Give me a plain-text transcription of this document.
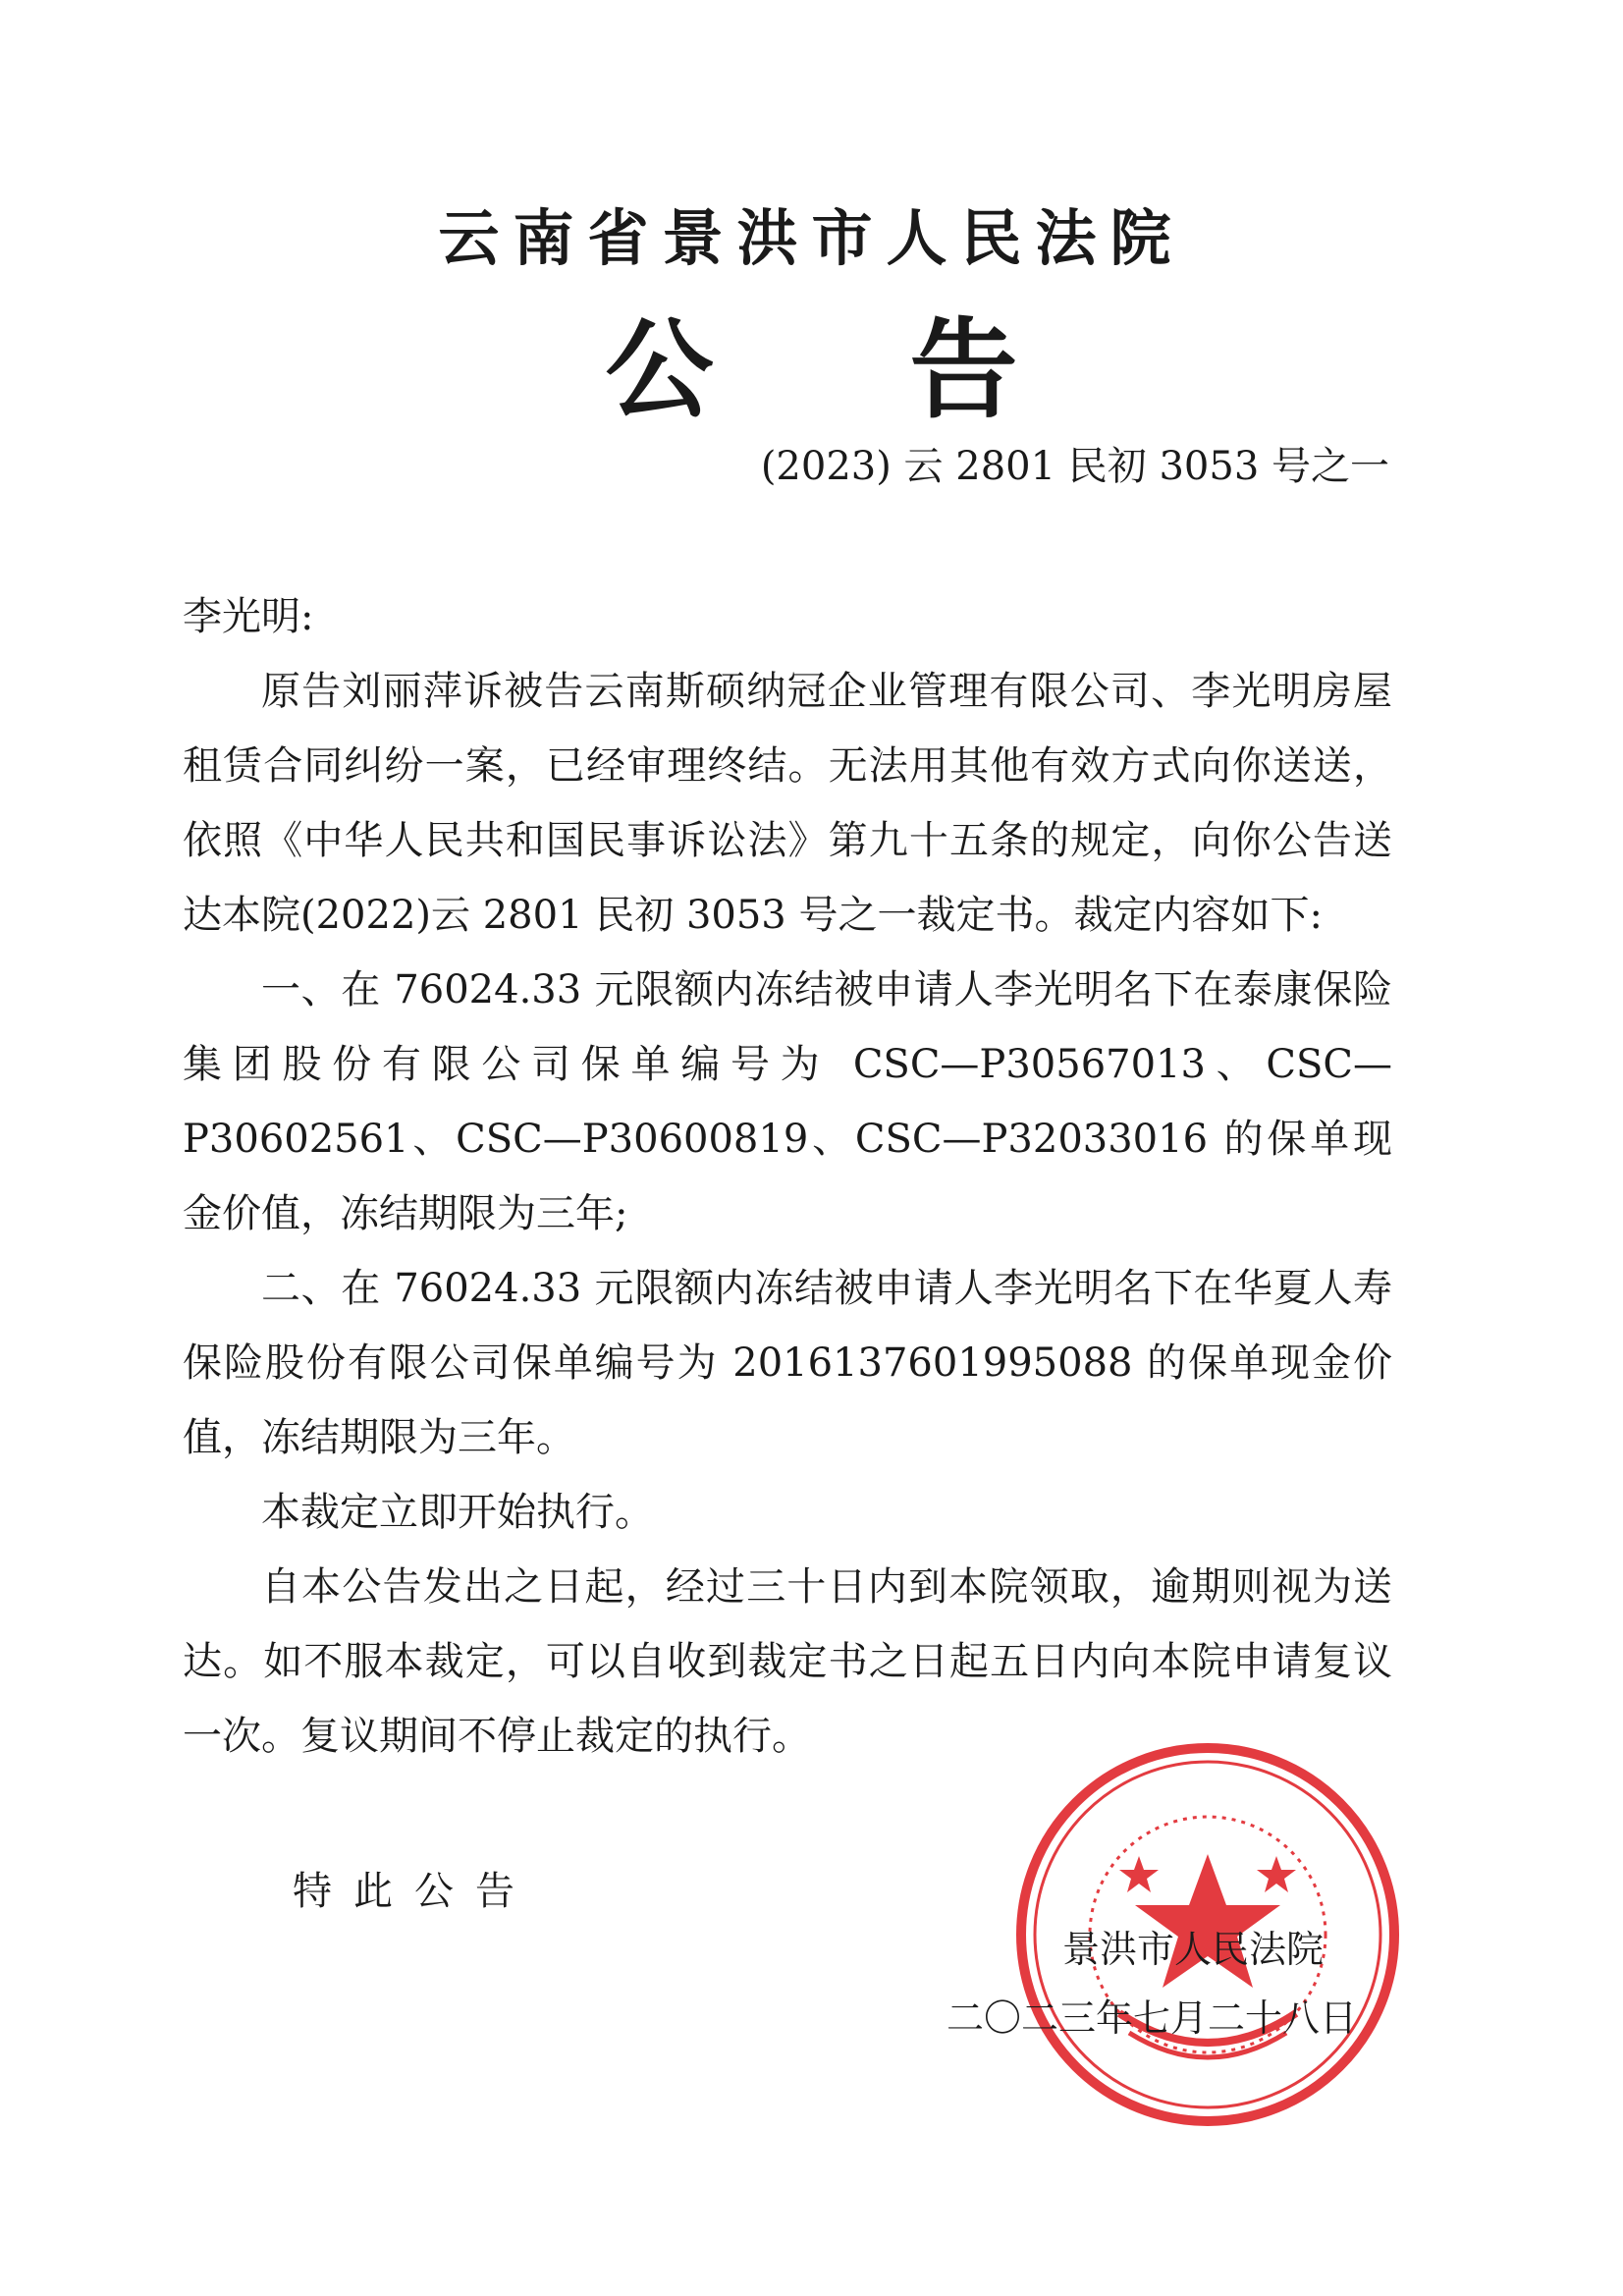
云南省景洪市人民法院
公告
(2023) 云 2801 民初 3053 号之一

李光明:

原告刘丽萍诉被告云南斯硕纳冠企业管理有限公司、李光明房屋租赁合同纠纷一案，已经审理终结。无法用其他有效方式向你送送，依照《中华人民共和国民事诉讼法》第九十五条的规定，向你公告送达本院(2022)云 2801 民初 3053 号之一裁定书。裁定内容如下:

一、在 76024.33 元限额内冻结被申请人李光明名下在泰康保险集团股份有限公司保单编号为 CSC—P30567013、CSC—P30602561、CSC—P30600819、CSC—P32033016 的保单现金价值，冻结期限为三年;

二、在 76024.33 元限额内冻结被申请人李光明名下在华夏人寿保险股份有限公司保单编号为 2016137601995088 的保单现金价值，冻结期限为三年。

本裁定立即开始执行。

自本公告发出之日起，经过三十日内到本院领取，逾期则视为送达。如不服本裁定，可以自收到裁定书之日起五日内向本院申请复议一次。复议期间不停止裁定的执行。

特此公告
景洪市人民法院
二〇二三年七月二十八日
